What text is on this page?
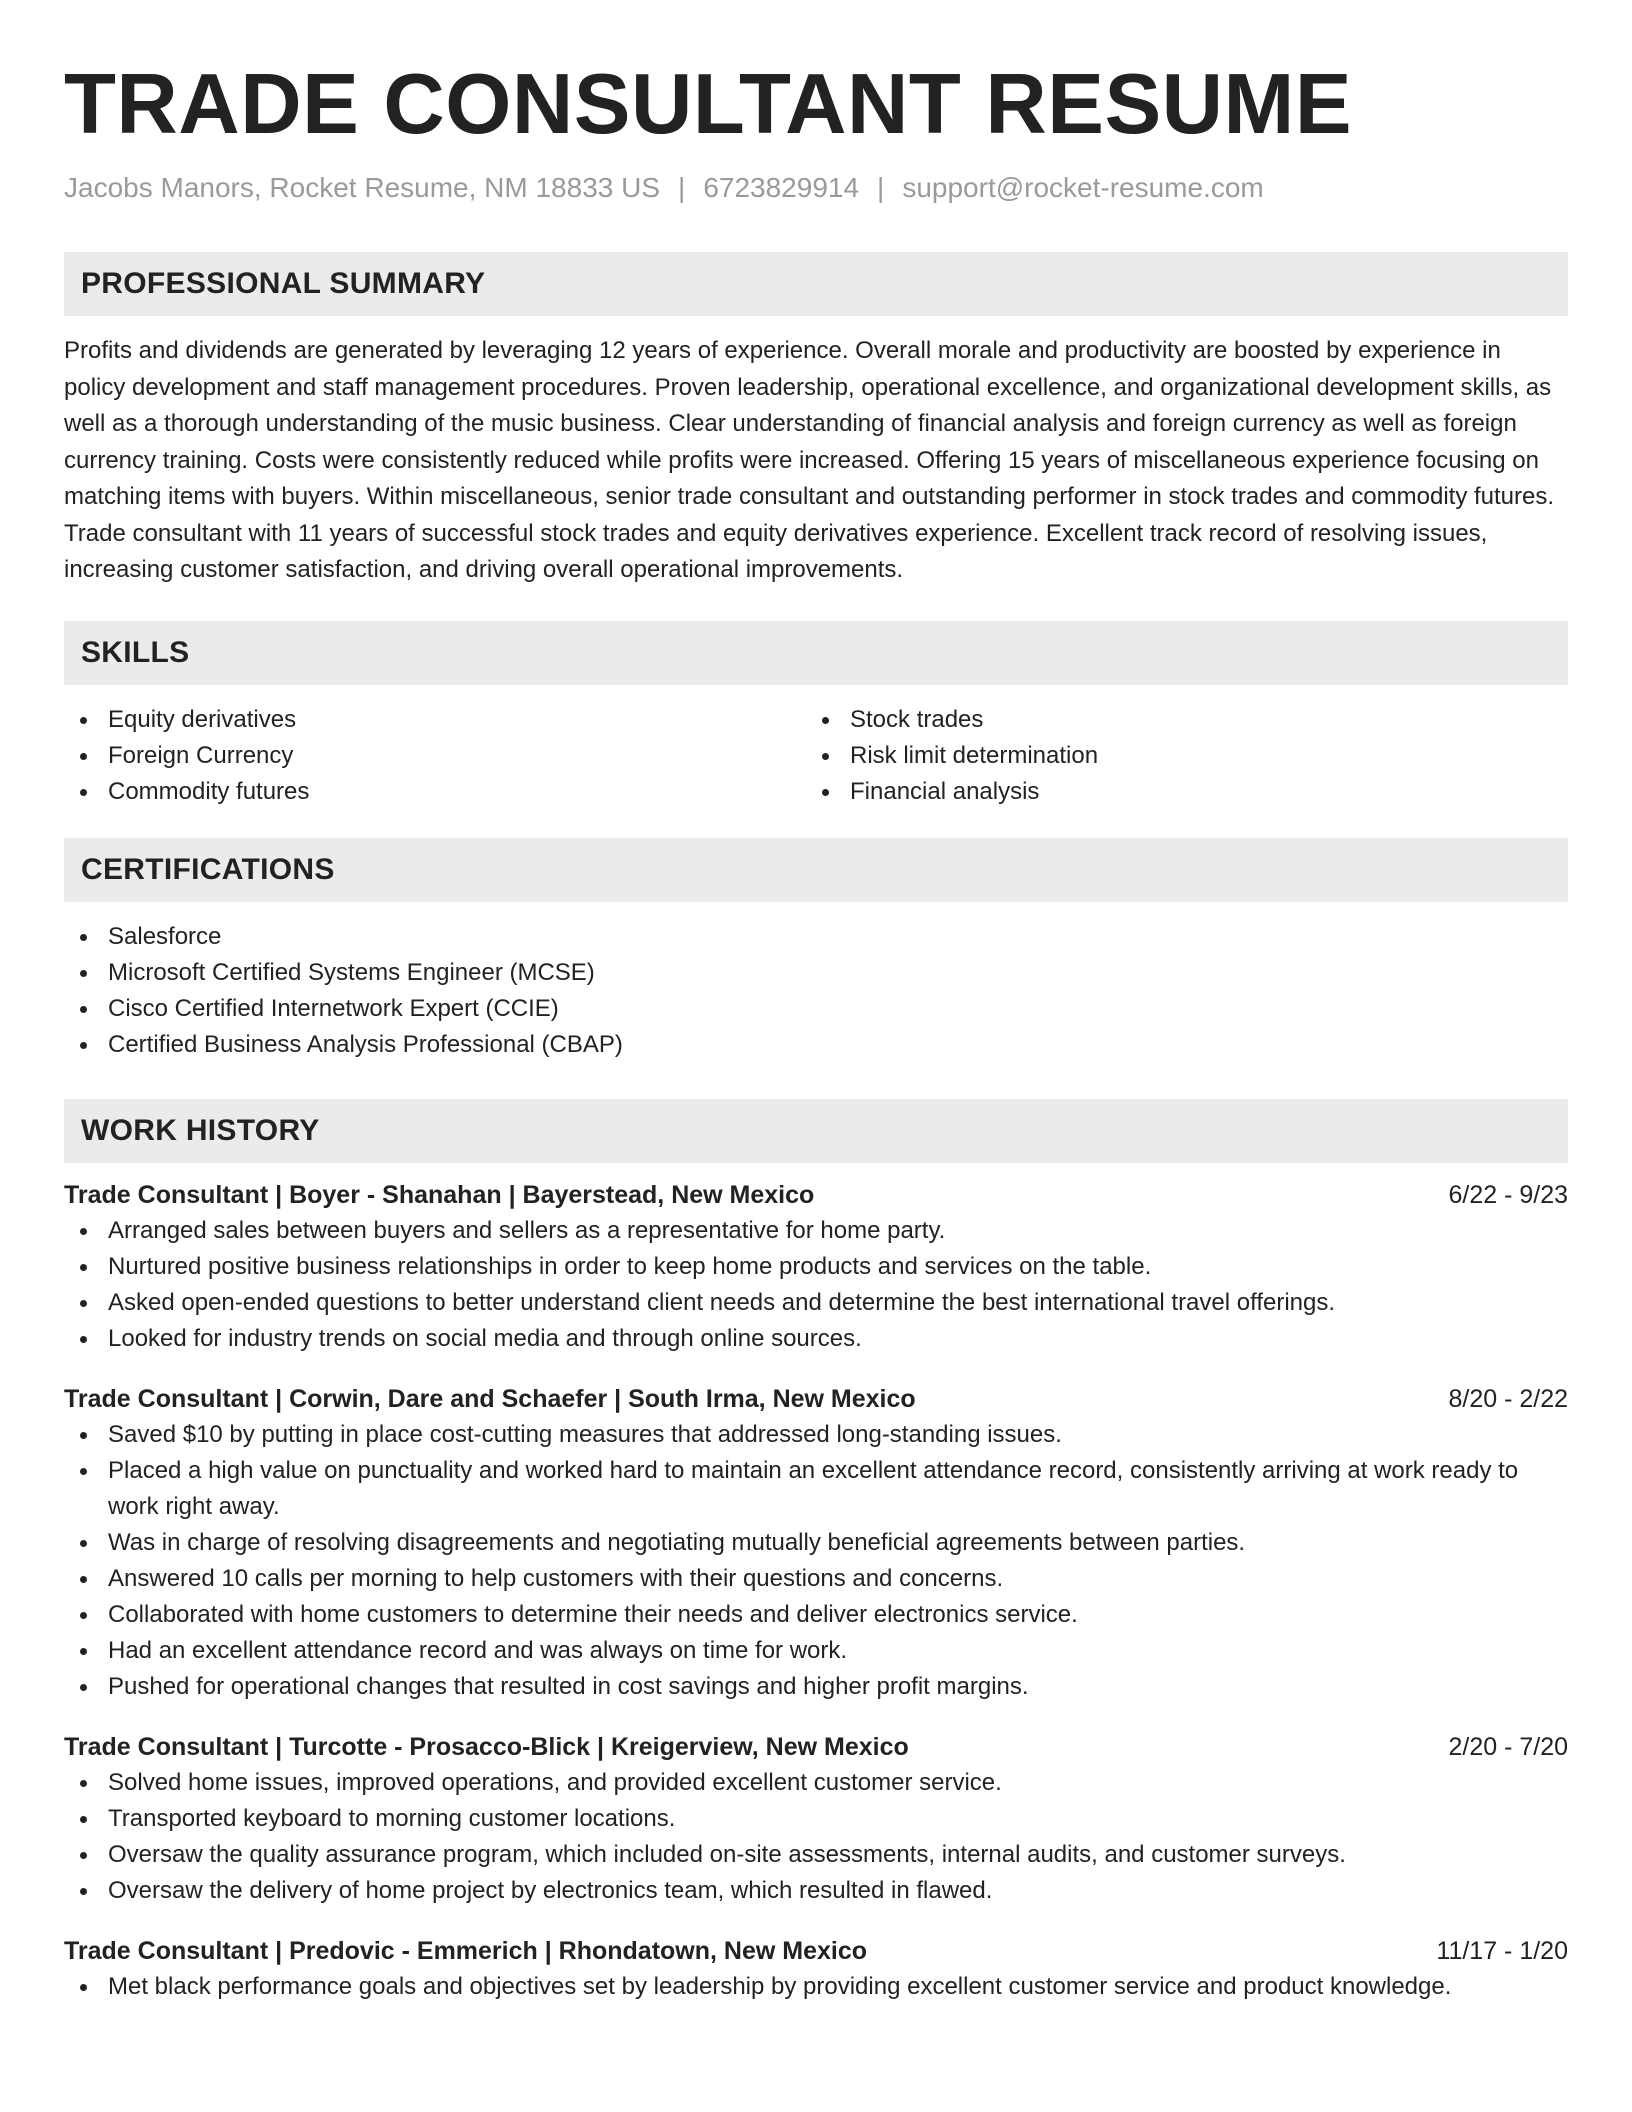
TRADE CONSULTANT RESUME
Jacobs Manors, Rocket Resume, NM 18833 US | 6723829914 | support@rocket-resume.com
PROFESSIONAL SUMMARY

Profits and dividends are generated by leveraging 12 years of experience. Overall morale and productivity are boosted by experience in policy development and staff management procedures. Proven leadership, operational excellence, and organizational development skills, as well as a thorough understanding of the music business. Clear understanding of financial analysis and foreign currency as well as foreign currency training. Costs were consistently reduced while profits were increased. Offering 15 years of miscellaneous experience focusing on matching items with buyers. Within miscellaneous, senior trade consultant and outstanding performer in stock trades and commodity futures. Trade consultant with 11 years of successful stock trades and equity derivatives experience. Excellent track record of resolving issues, increasing customer satisfaction, and driving overall operational improvements.

SKILLS
Equity derivatives
Foreign Currency
Commodity futures
Stock trades
Risk limit determination
Financial analysis
CERTIFICATIONS
Salesforce
Microsoft Certified Systems Engineer (MCSE)
Cisco Certified Internetwork Expert (CCIE)
Certified Business Analysis Professional (CBAP)
WORK HISTORY
Trade Consultant | Boyer - Shanahan | Bayerstead, New Mexico	6/22 - 9/23
Arranged sales between buyers and sellers as a representative for home party.
Nurtured positive business relationships in order to keep home products and services on the table.
Asked open-ended questions to better understand client needs and determine the best international travel offerings.
Looked for industry trends on social media and through online sources.
Trade Consultant | Corwin, Dare and Schaefer | South Irma, New Mexico	8/20 - 2/22
Saved $10 by putting in place cost-cutting measures that addressed long-standing issues.
Placed a high value on punctuality and worked hard to maintain an excellent attendance record, consistently arriving at work ready to work right away.
Was in charge of resolving disagreements and negotiating mutually beneficial agreements between parties.
Answered 10 calls per morning to help customers with their questions and concerns.
Collaborated with home customers to determine their needs and deliver electronics service.
Had an excellent attendance record and was always on time for work.
Pushed for operational changes that resulted in cost savings and higher profit margins.
Trade Consultant | Turcotte - Prosacco-Blick | Kreigerview, New Mexico	2/20 - 7/20
Solved home issues, improved operations, and provided excellent customer service.
Transported keyboard to morning customer locations.
Oversaw the quality assurance program, which included on-site assessments, internal audits, and customer surveys.
Oversaw the delivery of home project by electronics team, which resulted in flawed.
Trade Consultant | Predovic - Emmerich | Rhondatown, New Mexico	11/17 - 1/20
Met black performance goals and objectives set by leadership by providing excellent customer service and product knowledge.
